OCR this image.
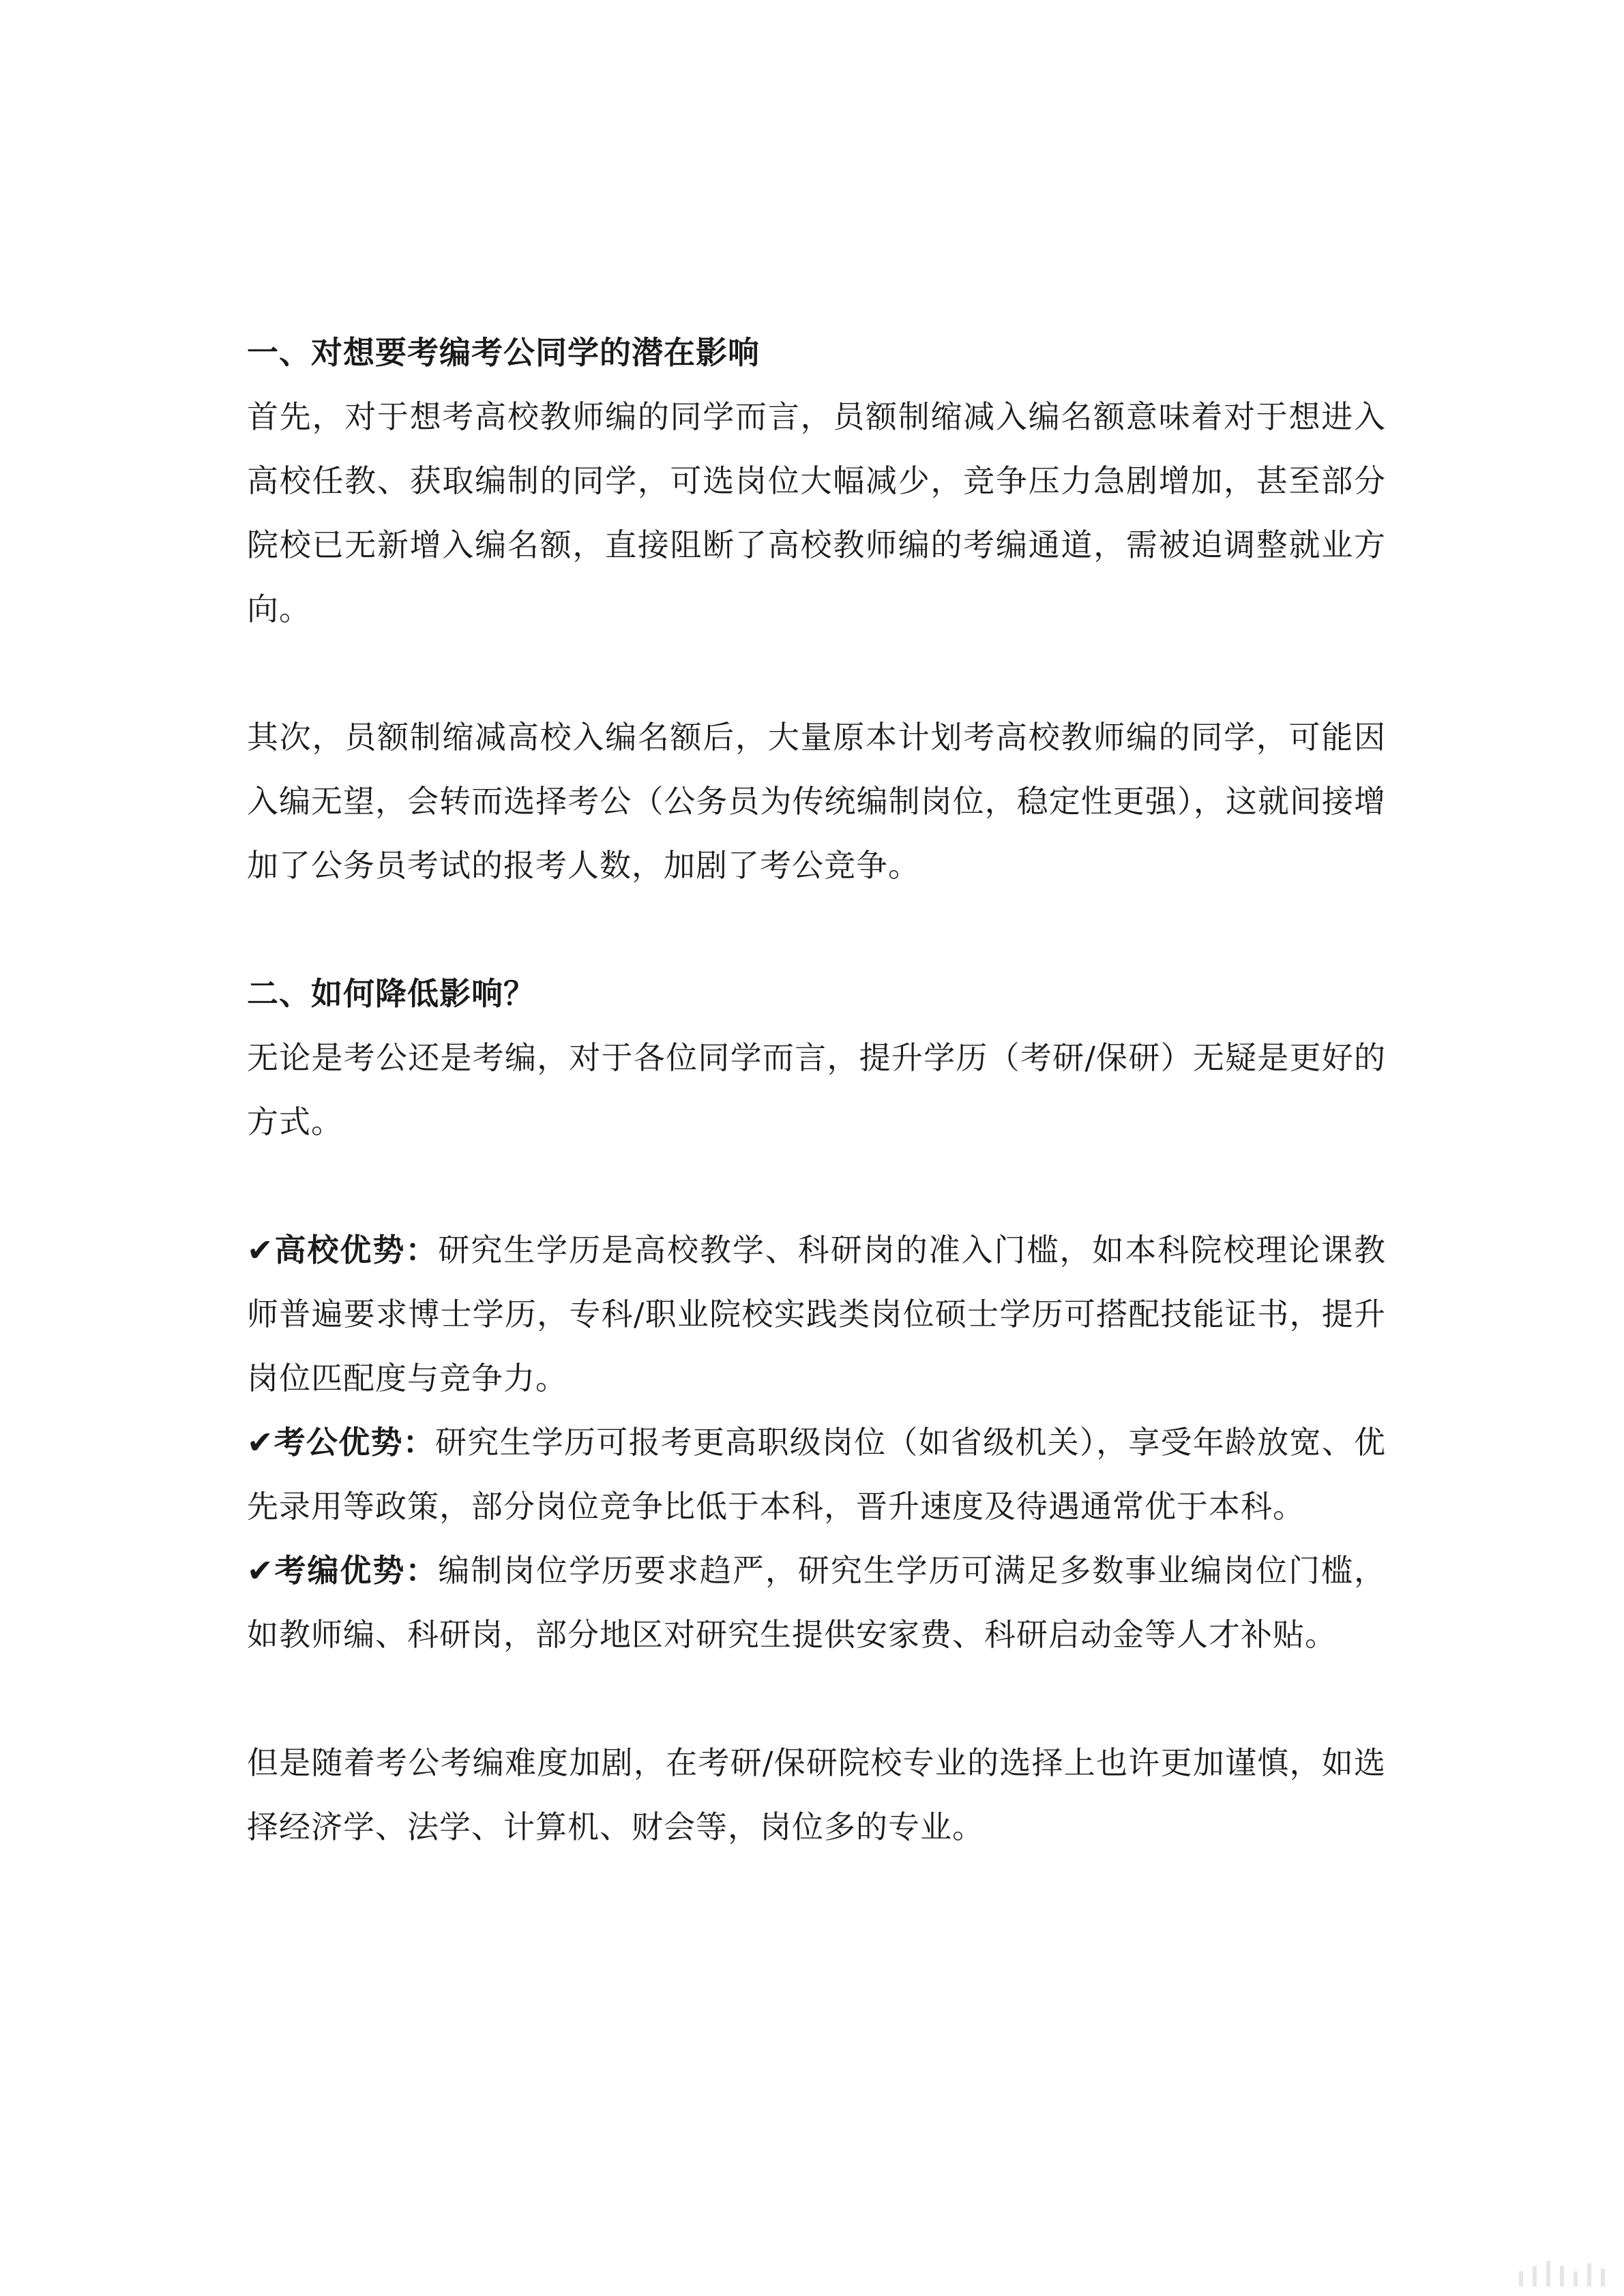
一、对想要考编考公同学的潜在影响

首先，对于想考高校教师编的同学而言，员额制缩减入编名额意味着对于想进入高校任教、获取编制的同学，可选岗位大幅减少，竞争压力急剧增加，甚至部分院校已无新增入编名额，直接阻断了高校教师编的考编通道，需被迫调整就业方向。

其次，员额制缩减高校入编名额后，大量原本计划考高校教师编的同学，可能因入编无望，会转而选择考公（公务员为传统编制岗位，稳定性更强），这就间接增加了公务员考试的报考人数，加剧了考公竞争。

二、如何降低影响？

无论是考公还是考编，对于各位同学而言，提升学历（考研/保研）无疑是更好的方式。

✔高校优势：研究生学历是高校教学、科研岗的准入门槛，如本科院校理论课教师普遍要求博士学历，专科/职业院校实践类岗位硕士学历可搭配技能证书，提升岗位匹配度与竞争力。

✔考公优势：研究生学历可报考更高职级岗位（如省级机关），享受年龄放宽、优先录用等政策，部分岗位竞争比低于本科，晋升速度及待遇通常优于本科。

✔考编优势：编制岗位学历要求趋严，研究生学历可满足多数事业编岗位门槛，如教师编、科研岗，部分地区对研究生提供安家费、科研启动金等人才补贴。

但是随着考公考编难度加剧，在考研/保研院校专业的选择上也许更加谨慎，如选择经济学、法学、计算机、财会等，岗位多的专业。
